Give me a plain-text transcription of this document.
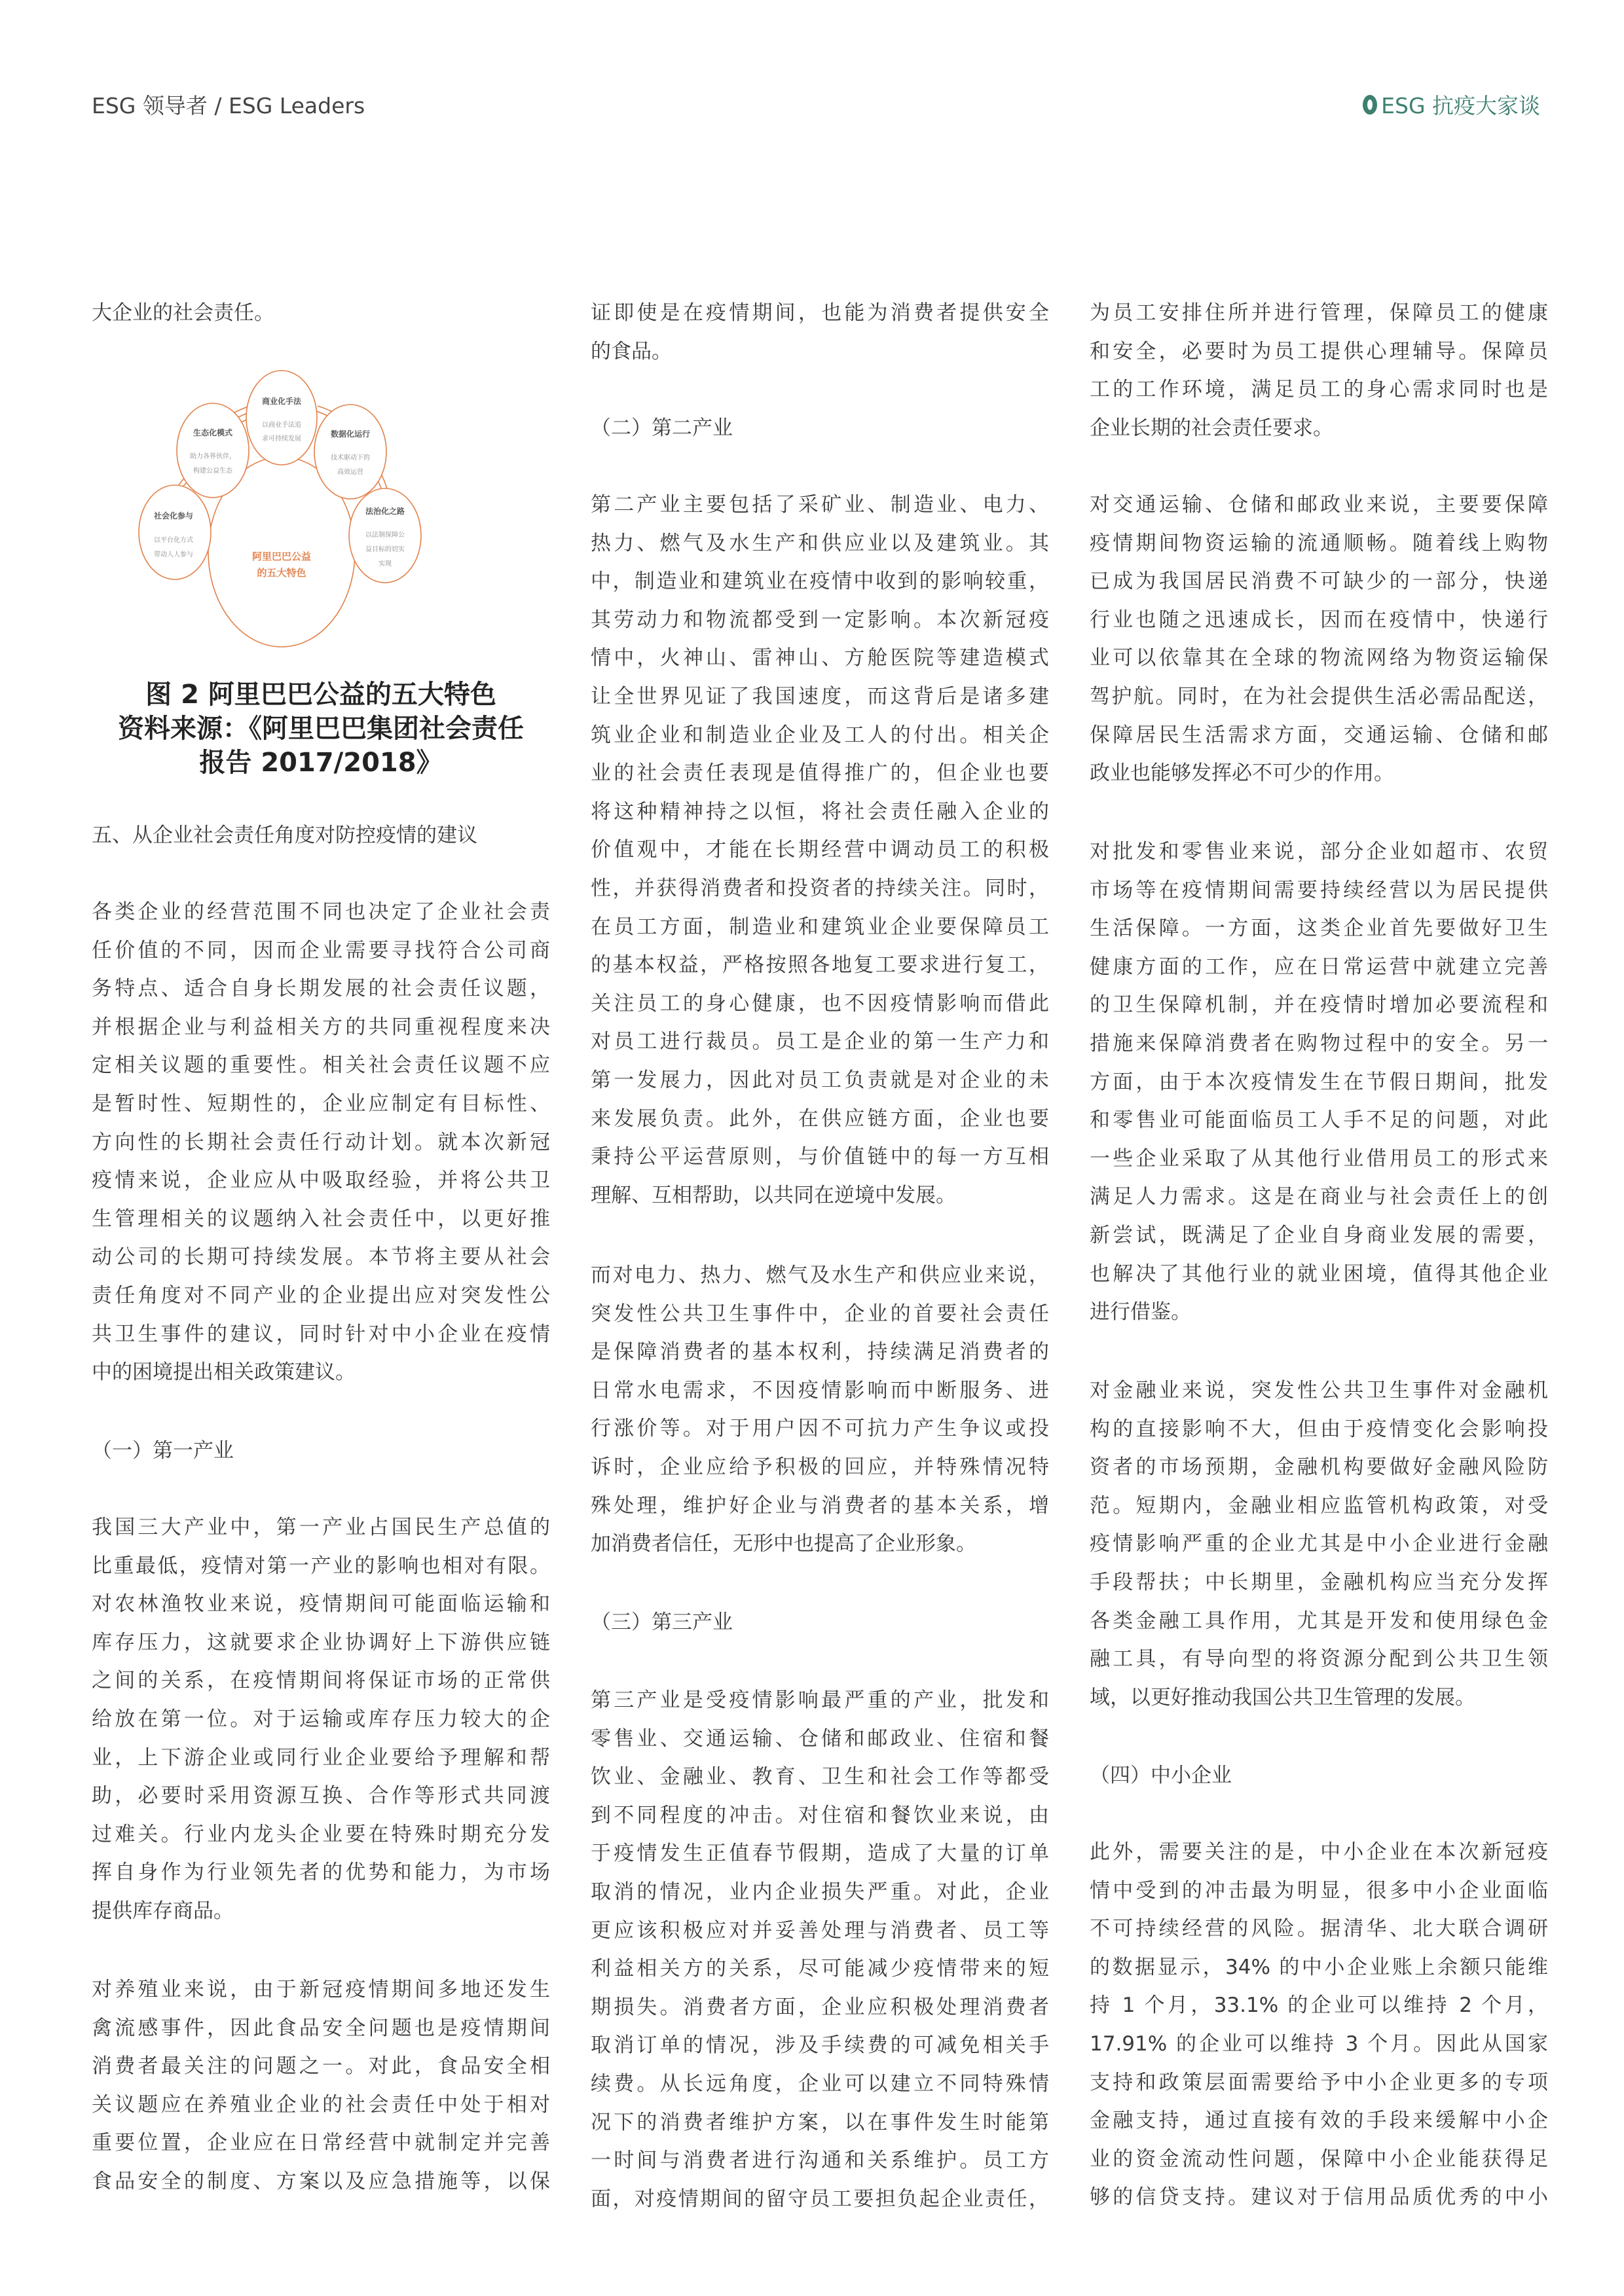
ESG 领导者 / ESG Leaders	ESG 抗疫大家谈
图 2 阿里巴巴公益的五大特色
资料来源：《阿里巴巴集团社会责任
报告 2017/2018》
大企业的社会责任。
五、从企业社会责任角度对防控疫情的建议
各类企业的经营范围不同也决定了企业社会责
任价值的不同，因而企业需要寻找符合公司商
务特点、适合自身长期发展的社会责任议题，
并根据企业与利益相关方的共同重视程度来决
定相关议题的重要性。相关社会责任议题不应
是暂时性、短期性的，企业应制定有目标性、
方向性的长期社会责任行动计划。就本次新冠
疫情来说，企业应从中吸取经验，并将公共卫
生管理相关的议题纳入社会责任中，以更好推
动公司的长期可持续发展。本节将主要从社会
责任角度对不同产业的企业提出应对突发性公
共卫生事件的建议，同时针对中小企业在疫情
中的困境提出相关政策建议。
（一）第一产业
我国三大产业中，第一产业占国民生产总值的
比重最低，疫情对第一产业的影响也相对有限。
对农林渔牧业来说，疫情期间可能面临运输和
库存压力，这就要求企业协调好上下游供应链
之间的关系，在疫情期间将保证市场的正常供
给放在第一位。对于运输或库存压力较大的企
业，上下游企业或同行业企业要给予理解和帮
助，必要时采用资源互换、合作等形式共同渡
过难关。行业内龙头企业要在特殊时期充分发
挥自身作为行业领先者的优势和能力，为市场
提供库存商品。
对养殖业来说，由于新冠疫情期间多地还发生
禽流感事件，因此食品安全问题也是疫情期间
消费者最关注的问题之一。对此，食品安全相
关议题应在养殖业企业的社会责任中处于相对
重要位置，企业应在日常经营中就制定并完善
食品安全的制度、方案以及应急措施等，以保
证即使是在疫情期间，也能为消费者提供安全
的食品。
（二）第二产业
第二产业主要包括了采矿业、制造业、电力、
热力、燃气及水生产和供应业以及建筑业。其
中，制造业和建筑业在疫情中收到的影响较重，
其劳动力和物流都受到一定影响。本次新冠疫
情中，火神山、雷神山、方舱医院等建造模式
让全世界见证了我国速度，而这背后是诸多建
筑业企业和制造业企业及工人的付出。相关企
业的社会责任表现是值得推广的，但企业也要
将这种精神持之以恒，将社会责任融入企业的
价值观中，才能在长期经营中调动员工的积极
性，并获得消费者和投资者的持续关注。同时，
在员工方面，制造业和建筑业企业要保障员工
的基本权益，严格按照各地复工要求进行复工，
关注员工的身心健康，也不因疫情影响而借此
对员工进行裁员。员工是企业的第一生产力和
第一发展力，因此对员工负责就是对企业的未
来发展负责。此外，在供应链方面，企业也要
秉持公平运营原则，与价值链中的每一方互相
理解、互相帮助，以共同在逆境中发展。
而对电力、热力、燃气及水生产和供应业来说，
突发性公共卫生事件中，企业的首要社会责任
是保障消费者的基本权利，持续满足消费者的
日常水电需求，不因疫情影响而中断服务、进
行涨价等。对于用户因不可抗力产生争议或投
诉时，企业应给予积极的回应，并特殊情况特
殊处理，维护好企业与消费者的基本关系，增
加消费者信任，无形中也提高了企业形象。
（三）第三产业
第三产业是受疫情影响最严重的产业，批发和
零售业、交通运输、仓储和邮政业、住宿和餐
饮业、金融业、教育、卫生和社会工作等都受
到不同程度的冲击。对住宿和餐饮业来说，由
于疫情发生正值春节假期，造成了大量的订单
取消的情况，业内企业损失严重。对此，企业
更应该积极应对并妥善处理与消费者、员工等
利益相关方的关系，尽可能减少疫情带来的短
期损失。消费者方面，企业应积极处理消费者
取消订单的情况，涉及手续费的可减免相关手
续费。从长远角度，企业可以建立不同特殊情
况下的消费者维护方案，以在事件发生时能第
一时间与消费者进行沟通和关系维护。员工方
面，对疫情期间的留守员工要担负起企业责任，
为员工安排住所并进行管理，保障员工的健康
和安全，必要时为员工提供心理辅导。保障员
工的工作环境，满足员工的身心需求同时也是
企业长期的社会责任要求。
对交通运输、仓储和邮政业来说，主要要保障
疫情期间物资运输的流通顺畅。随着线上购物
已成为我国居民消费不可缺少的一部分，快递
行业也随之迅速成长，因而在疫情中，快递行
业可以依靠其在全球的物流网络为物资运输保
驾护航。同时，在为社会提供生活必需品配送，
保障居民生活需求方面，交通运输、仓储和邮
政业也能够发挥必不可少的作用。
对批发和零售业来说，部分企业如超市、农贸
市场等在疫情期间需要持续经营以为居民提供
生活保障。一方面，这类企业首先要做好卫生
健康方面的工作，应在日常运营中就建立完善
的卫生保障机制，并在疫情时增加必要流程和
措施来保障消费者在购物过程中的安全。另一
方面，由于本次疫情发生在节假日期间，批发
和零售业可能面临员工人手不足的问题，对此
一些企业采取了从其他行业借用员工的形式来
满足人力需求。这是在商业与社会责任上的创
新尝试，既满足了企业自身商业发展的需要，
也解决了其他行业的就业困境，值得其他企业
进行借鉴。
对金融业来说，突发性公共卫生事件对金融机
构的直接影响不大，但由于疫情变化会影响投
资者的市场预期，金融机构要做好金融风险防
范。短期内，金融业相应监管机构政策，对受
疫情影响严重的企业尤其是中小企业进行金融
手段帮扶；中长期里，金融机构应当充分发挥
各类金融工具作用，尤其是开发和使用绿色金
融工具，有导向型的将资源分配到公共卫生领
域，以更好推动我国公共卫生管理的发展。
（四）中小企业
此外，需要关注的是，中小企业在本次新冠疫
情中受到的冲击最为明显，很多中小企业面临
不可持续经营的风险。据清华、北大联合调研
的数据显示，34% 的中小企业账上余额只能维
持 1 个月，33.1% 的企业可以维持 2 个月，
17.91% 的企业可以维持 3 个月。因此从国家
支持和政策层面需要给予中小企业更多的专项
金融支持，通过直接有效的手段来缓解中小企
业的资金流动性问题，保障中小企业能获得足
够的信贷支持。建议对于信用品质优秀的中小
阿里巴巴公益
的五大特色
商业化手法
以商业手法追
求可持续发展
生态化模式
助力各界伙伴，
构建公益生态
数据化运行
技术驱动下的
高效运营
社会化参与
以平台化方式
带动人人参与
法治化之路
以法制保障公
益目标的切实
实现
